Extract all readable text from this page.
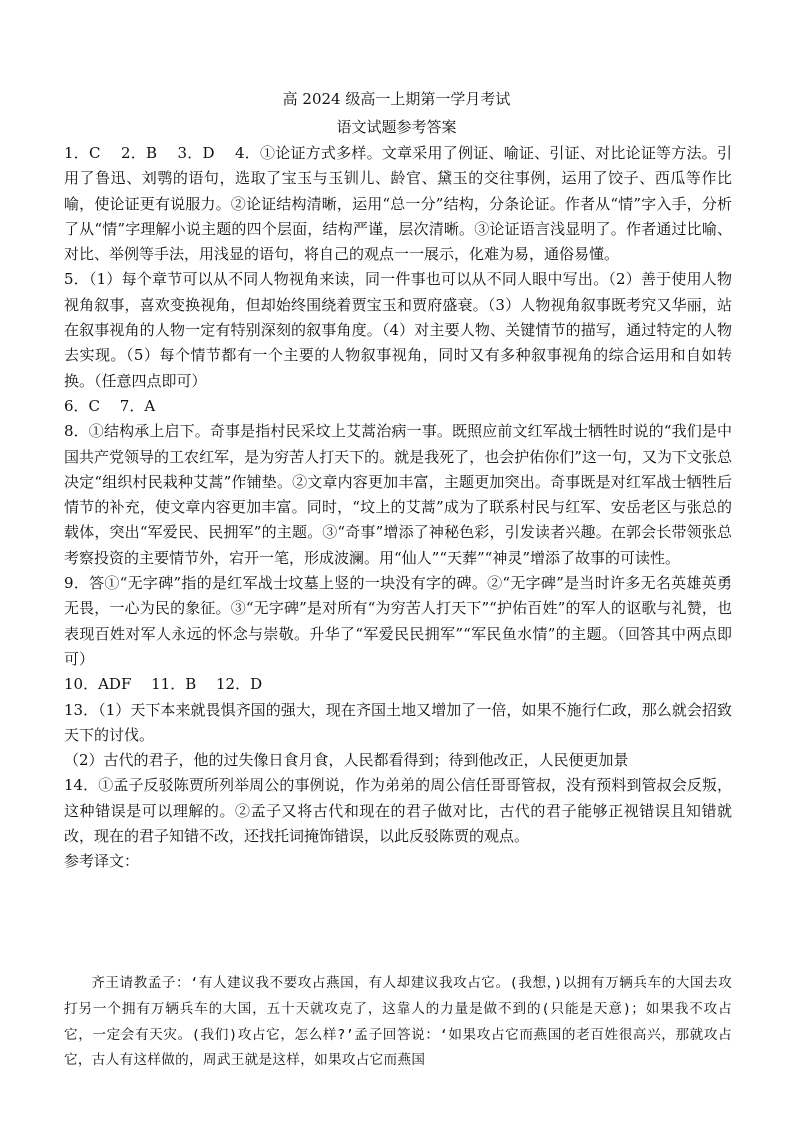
高 2024 级高一上期第一学月考试
语文试题参考答案

1．C　 2．B　 3．D　 4．①论证方式多样。文章采用了例证、喻证、引证、对比论证等方法。引用了鲁迅、刘鹗的语句，选取了宝玉与玉钏儿、龄官、黛玉的交往事例，运用了饺子、西瓜等作比喻，使论证更有说服力。②论证结构清晰，运用“总一分”结构，分条论证。作者从“情”字入手，分析了从“情”字理解小说主题的四个层面，结构严谨，层次清晰。③论证语言浅显明了。作者通过比喻、对比、举例等手法，用浅显的语句，将自己的观点一一展示，化难为易，通俗易懂。

5．（1）每个章节可以从不同人物视角来读，同一件事也可以从不同人眼中写出。（2）善于使用人物视角叙事，喜欢变换视角，但却始终围绕着贾宝玉和贾府盛衰。（3）人物视角叙事既考究又华丽，站在叙事视角的人物一定有特别深刻的叙事角度。（4）对主要人物、关键情节的描写，通过特定的人物去实现。（5）每个情节都有一个主要的人物叙事视角，同时又有多种叙事视角的综合运用和自如转换。（任意四点即可）

6．C　 7．A

8．①结构承上启下。奇事是指村民采坟上艾蒿治病一事。既照应前文红军战士牺牲时说的“我们是中国共产党领导的工农红军，是为穷苦人打天下的。就是我死了，也会护佑你们”这一句，又为下文张总决定“组织村民栽种艾蒿”作铺垫。②文章内容更加丰富，主题更加突出。奇事既是对红军战士牺牲后情节的补充，使文章内容更加丰富。同时，“坟上的艾蒿”成为了联系村民与红军、安岳老区与张总的载体，突出“军爱民、民拥军”的主题。③“奇事”增添了神秘色彩，引发读者兴趣。在郭会长带领张总考察投资的主要情节外，宕开一笔，形成波澜。用“仙人”“天葬”“神灵”增添了故事的可读性。

9．答①“无字碑”指的是红军战士坟墓上竖的一块没有字的碑。②“无字碑”是当时许多无名英雄英勇无畏，一心为民的象征。③“无字碑”是对所有“为穷苦人打天下”“护佑百姓”的军人的讴歌与礼赞，也表现百姓对军人永远的怀念与崇敬。升华了“军爱民民拥军”“军民鱼水情”的主题。（回答其中两点即可）

10．ADF　 11．B　 12．D

13．（1）天下本来就畏惧齐国的强大，现在齐国土地又增加了一倍，如果不施行仁政，那么就会招致天下的讨伐。

（2）古代的君子，他的过失像日食月食，人民都看得到；待到他改正，人民便更加景

14．①孟子反驳陈贾所列举周公的事例说，作为弟弟的周公信任哥哥管叔，没有预料到管叔会反叛，这种错误是可以理解的。②孟子又将古代和现在的君子做对比，古代的君子能够正视错误且知错就改，现在的君子知错不改，还找托词掩饰错误，以此反驳陈贾的观点。

参考译文：

齐王请教孟子：‘有人建议我不要攻占燕国，有人却建议我攻占它。(我想，)以拥有万辆兵车的大国去攻打另一个拥有万辆兵车的大国，五十天就攻克了，这靠人的力量是做不到的(只能是天意)；如果我不攻占它，一定会有天灾。(我们)攻占它，怎么样?’孟子回答说：‘如果攻占它而燕国的老百姓很高兴，那就攻占它，古人有这样做的，周武王就是这样，如果攻占它而燕国
